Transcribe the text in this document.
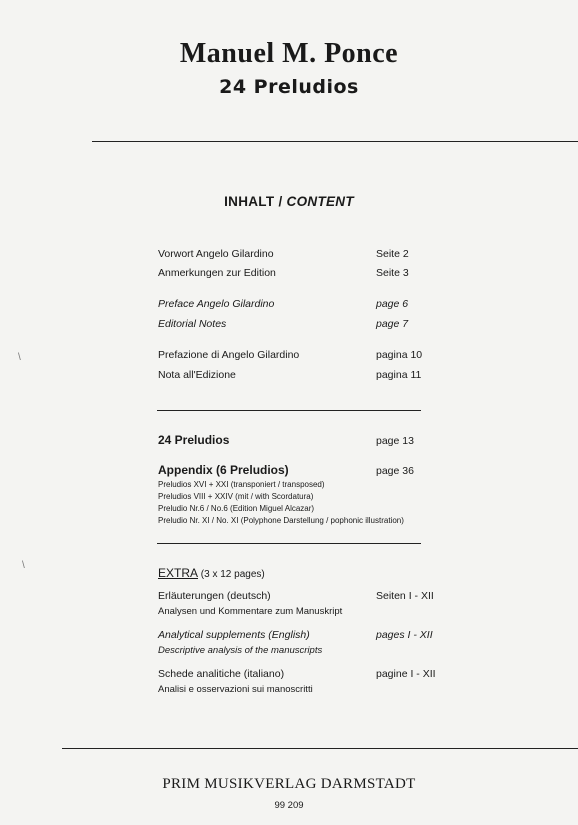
Manuel M. Ponce
24 Preludios
INHALT / CONTENT
Vorwort Angelo Gilardino	Seite 2
Anmerkungen zur Edition	Seite 3
Preface Angelo Gilardino	page 6
Editorial Notes	page 7
Prefazione di Angelo Gilardino	pagina 10
Nota all'Edizione	pagina 11
24 Preludios	page 13
Appendix (6 Preludios)	page 36
Preludios XVI + XXI (transponiert / transposed)
Preludios VIII + XXIV (mit / with Scordatura)
Preludio Nr.6 / No.6 (Edition Miguel Alcazar)
Preludio Nr. XI / No. XI (Polyphone Darstellung / pophonic illustration)
EXTRA (3 x 12 pages)
Erläuterungen (deutsch)	Seiten I - XII
Analysen und Kommentare zum Manuskript
Analytical supplements (English)	pages I - XII
Descriptive analysis of the manuscripts
Schede analitiche (italiano)	pagine I - XII
Analisi e osservazioni sui manoscritti
PRIM MUSIKVERLAG DARMSTADT
99 209
\
\
